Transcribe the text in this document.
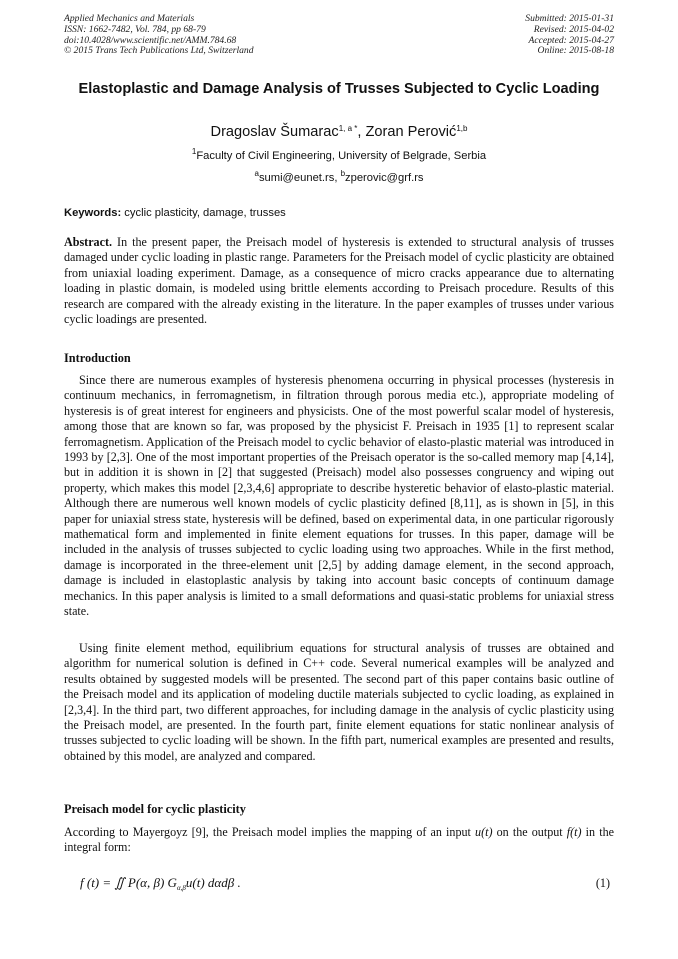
Applied Mechanics and Materials
ISSN: 1662-7482, Vol. 784, pp 68-79
doi:10.4028/www.scientific.net/AMM.784.68
© 2015 Trans Tech Publications Ltd, Switzerland
Submitted: 2015-01-31
Revised: 2015-04-02
Accepted: 2015-04-27
Online: 2015-08-18
Elastoplastic and Damage Analysis of Trusses Subjected to Cyclic Loading
Dragoslav Šumarac$^{1, a *}$, Zoran Perović$^{1,b}$
$^1$Faculty of Civil Engineering, University of Belgrade, Serbia
$^a$sumi@eunet.rs, $^b$zperovic@grf.rs
Keywords: cyclic plasticity, damage, trusses
Abstract. In the present paper, the Preisach model of hysteresis is extended to structural analysis of trusses damaged under cyclic loading in plastic range. Parameters for the Preisach model of cyclic plasticity are obtained from uniaxial loading experiment. Damage, as a consequence of micro cracks appearance due to alternating loading in plastic domain, is modeled using brittle elements according to Preisach procedure. Results of this research are compared with the already existing in the literature. In the paper examples of trusses under various cyclic loadings are presented.
Introduction
Since there are numerous examples of hysteresis phenomena occurring in physical processes (hysteresis in continuum mechanics, in ferromagnetism, in filtration through porous media etc.), appropriate modeling of hysteresis is of great interest for engineers and physicists. One of the most powerful scalar model of hysteresis, among those that are known so far, was proposed by the physicist F. Preisach in 1935 [1] to represent scalar ferromagnetism. Application of the Preisach model to cyclic behavior of elasto-plastic material was introduced in 1993 by [2,3]. One of the most important properties of the Preisach operator is the so-called memory map [4,14], but in addition it is shown in [2] that suggested (Preisach) model also possesses congruency and wiping out property, which makes this model [2,3,4,6] appropriate to describe hysteretic behavior of elasto-plastic material. Although there are numerous well known models of cyclic plasticity defined [8,11], as is shown in [5], in this paper for uniaxial stress state, hysteresis will be defined, based on experimental data, in one particular rigorously mathematical form and implemented in finite element equations for trusses. In this paper, damage will be included in the analysis of trusses subjected to cyclic loading using two approaches. While in the first method, damage is incorporated in the three-element unit [2,5] by adding damage element, in the second approach, damage is included in elastoplastic analysis by taking into account basic concepts of continuum damage mechanics. In this paper analysis is limited to a small deformations and quasi-static problems for uniaxial stress state.
Using finite element method, equilibrium equations for structural analysis of trusses are obtained and algorithm for numerical solution is defined in C++ code. Several numerical examples will be analyzed and results obtained by suggested models will be presented. The second part of this paper contains basic outline of the Preisach model and its application of modeling ductile materials subjected to cyclic loading, as explained in [2,3,4]. In the third part, two different approaches, for including damage in the analysis of cyclic plasticity using the Preisach model, are presented. In the fourth part, finite element equations for static nonlinear analysis of trusses subjected to cyclic loading will be shown. In the fifth part, numerical examples are presented and results, obtained by this model, are analyzed and compared.
Preisach model for cyclic plasticity
According to Mayergoyz [9], the Preisach model implies the mapping of an input u(t) on the output f(t) in the integral form:
f (t) = ∬ P(α, β) $G_{\alpha,\beta}u(t)$ dαdβ .	(1)
